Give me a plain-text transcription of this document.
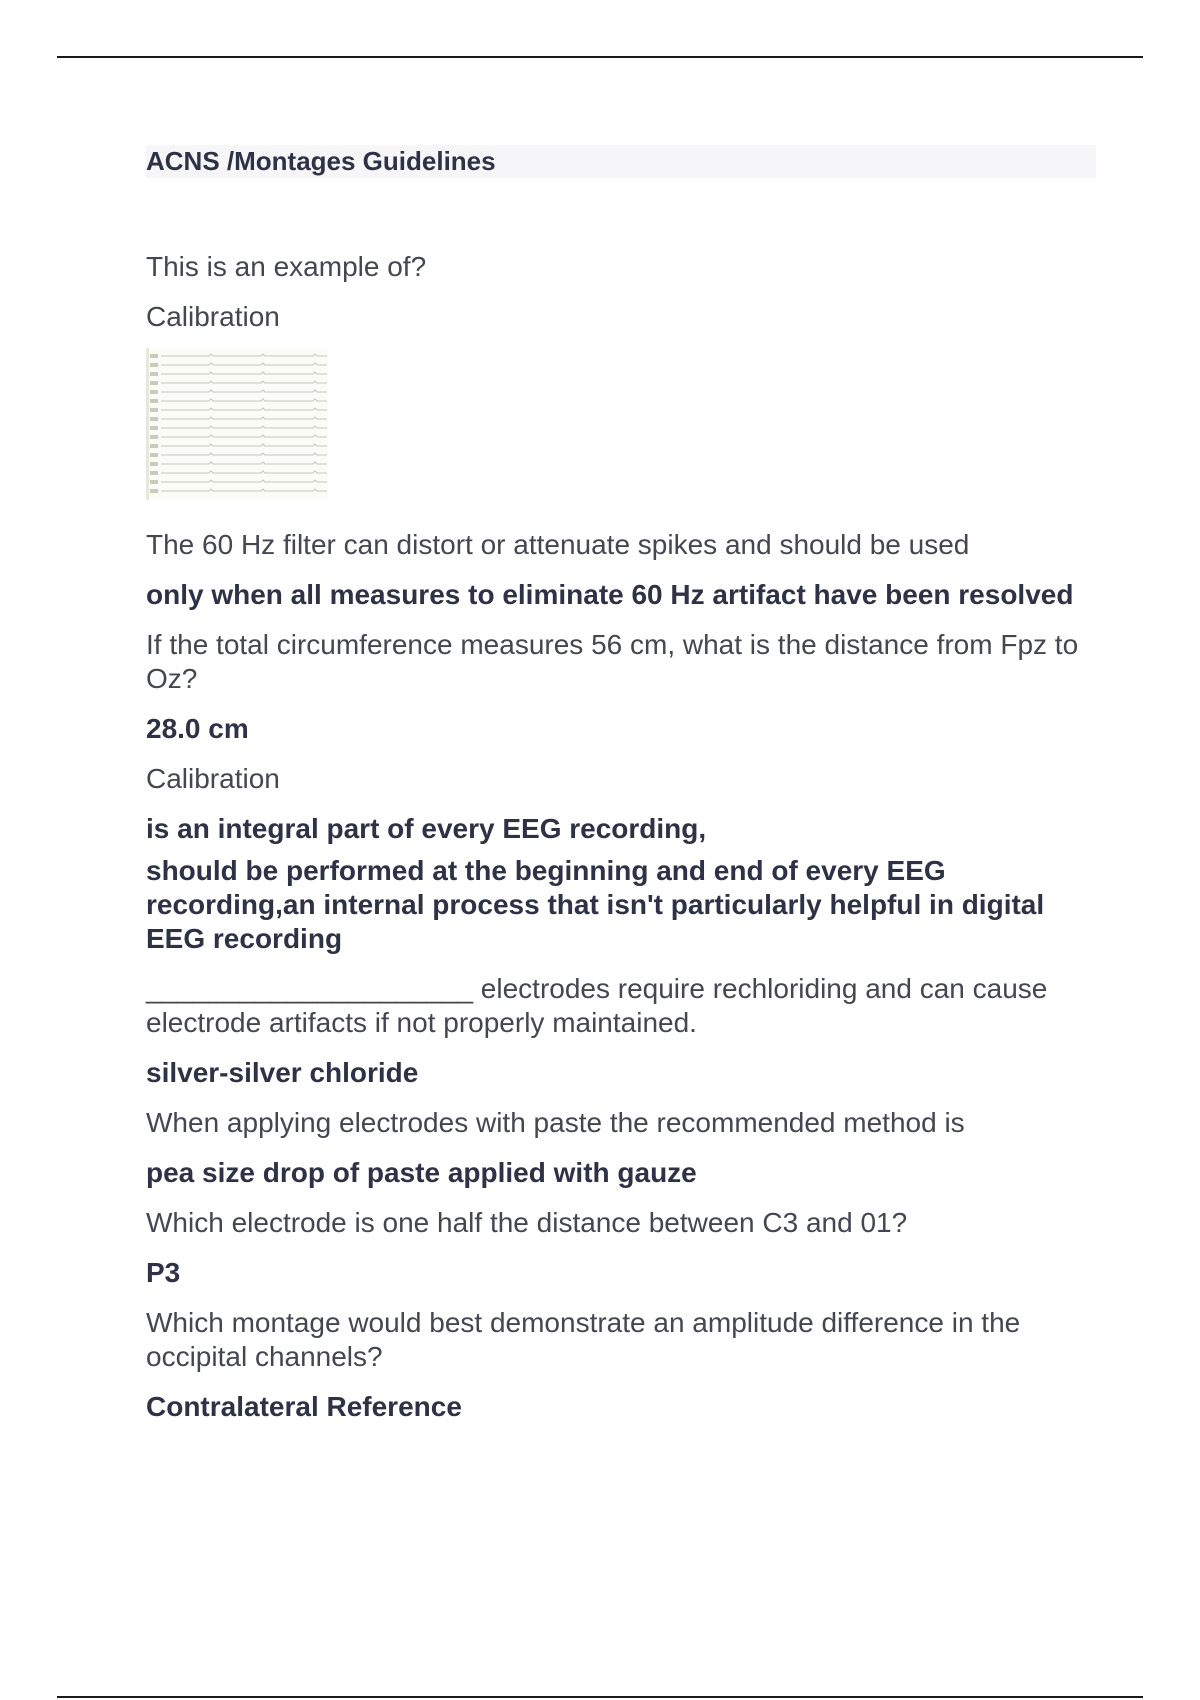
ACNS /Montages Guidelines

This is an example of?

Calibration

The 60 Hz filter can distort or attenuate spikes and should be used

only when all measures to eliminate 60 Hz artifact have been resolved

If the total circumference measures 56 cm, what is the distance from Fpz to Oz?

28.0 cm

Calibration

is an integral part of every EEG recording,

should be performed at the beginning and end of every EEG recording,an internal process that isn't particularly helpful in digital EEG recording

_____________________ electrodes require rechloriding and can cause electrode artifacts if not properly maintained.

silver-silver chloride

When applying electrodes with paste the recommended method is

pea size drop of paste applied with gauze

Which electrode is one half the distance between C3 and 01?

P3

Which montage would best demonstrate an amplitude difference in the occipital channels?

Contralateral Reference
